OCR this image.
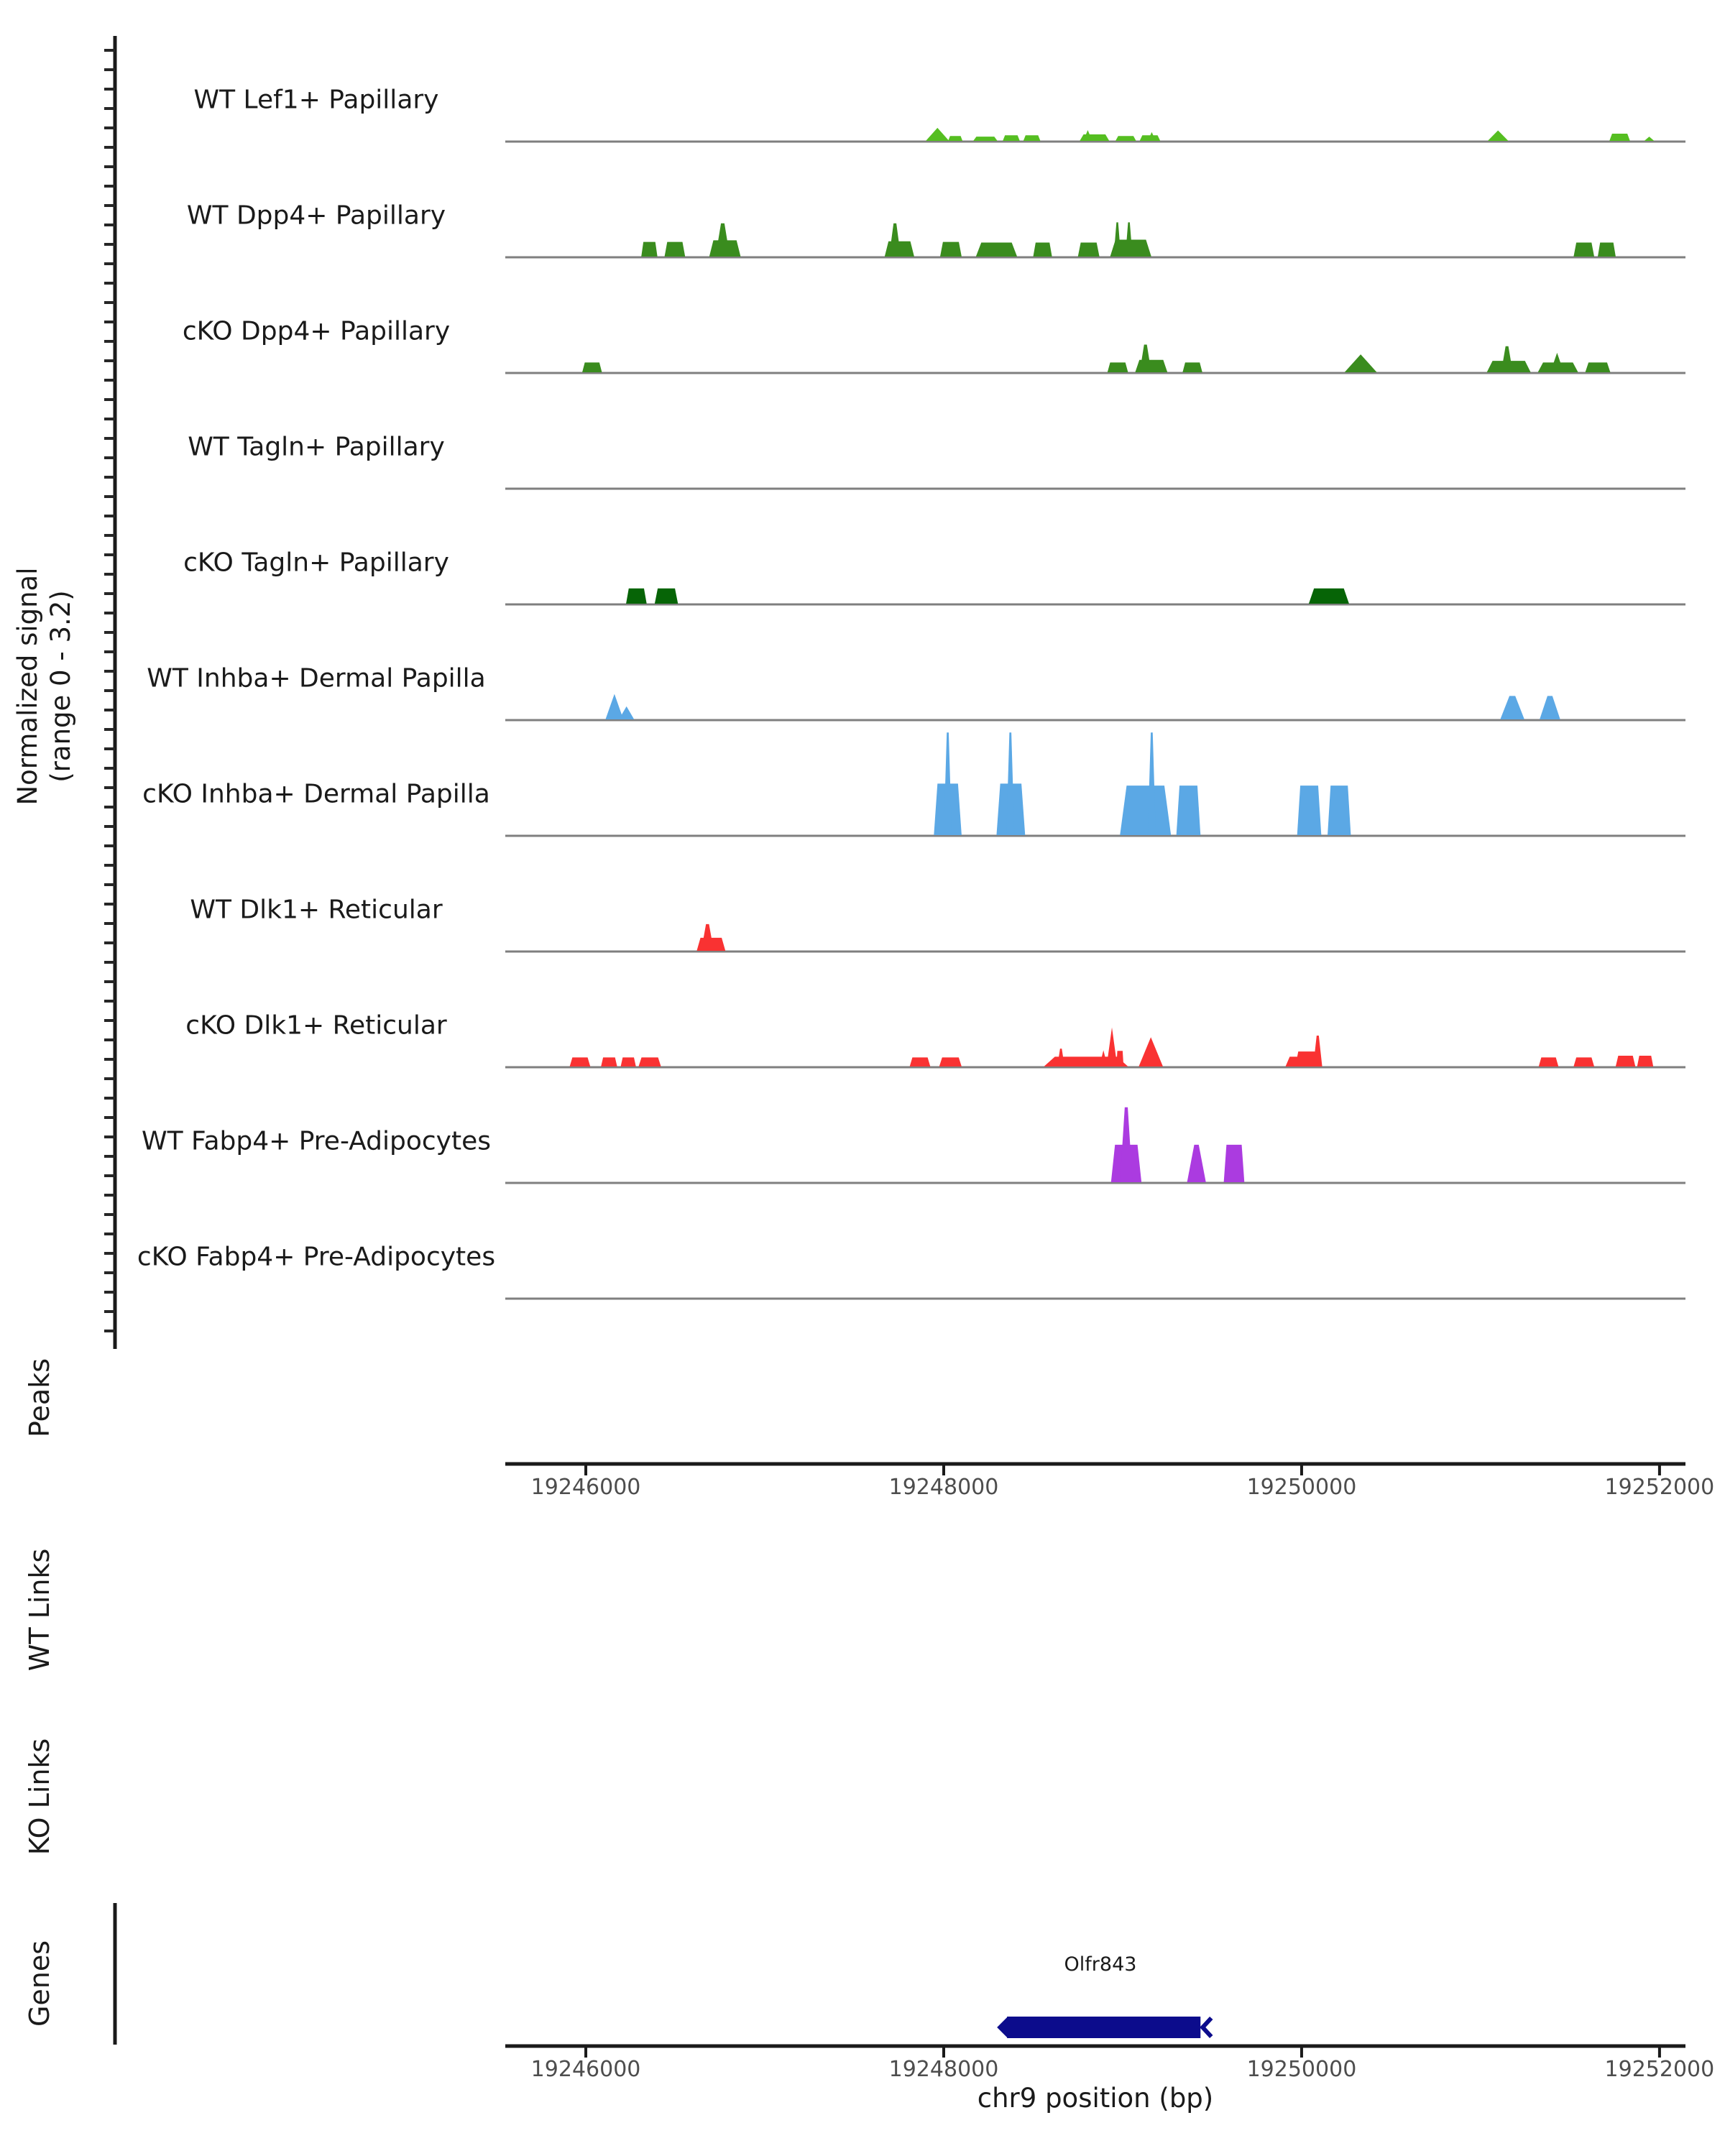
Normalized signal
(range 0 - 3.2)
WT Lef1+ Papillary
WT Dpp4+ Papillary
cKO Dpp4+ Papillary
WT Tagln+ Papillary
cKO Tagln+ Papillary
WT Inhba+ Dermal Papilla
cKO Inhba+ Dermal Papilla
WT Dlk1+ Reticular
cKO Dlk1+ Reticular
WT Fabp4+ Pre-Adipocytes
cKO Fabp4+ Pre-Adipocytes
Peaks
WT Links
KO Links
Genes
19246000	19248000	19250000	19252000
19246000	19248000	19250000	19252000
Olfr843
chr9 position (bp)
